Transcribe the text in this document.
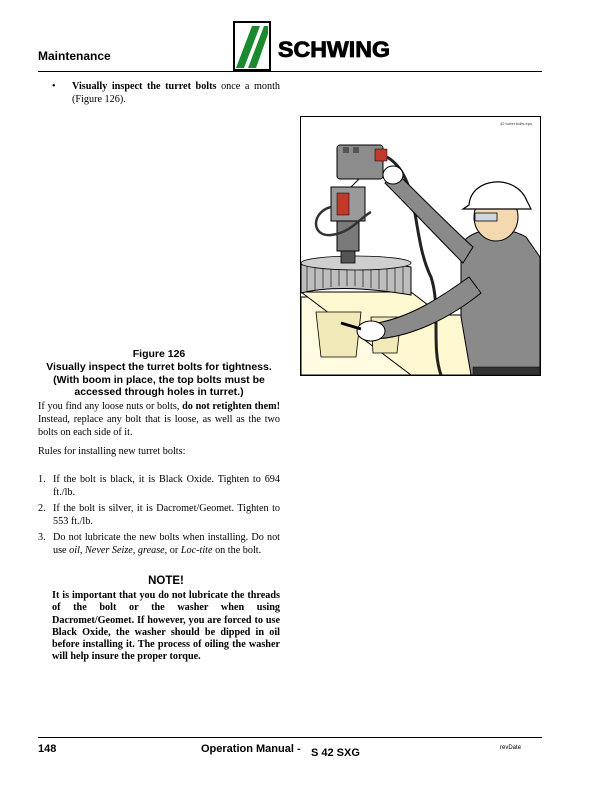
Maintenance	SCHWING
• Visually inspect the turret bolts once a month (Figure 126).
42 turret bolts.eps
Figure 126
Visually inspect the turret bolts for tightness.
(With boom in place, the top bolts must be
accessed through holes in turret.)
If you find any loose nuts or bolts, do not retighten them! Instead, replace any bolt that is loose, as well as the two bolts on each side of it.
Rules for installing new turret bolts:
1. If the bolt is black, it is Black Oxide. Tighten to 694 ft./lb.
2. If the bolt is silver, it is Dacromet/Geomet. Tighten to 553 ft./lb.
3. Do not lubricate the new bolts when installing. Do not use oil, Never Seize, grease, or Loc-tite on the bolt.
NOTE!
It is important that you do not lubricate the threads of the bolt or the washer when using Dacromet/Geomet. If however, you are forced to use Black Oxide, the washer should be dipped in oil before installing it. The process of oiling the washer will help insure the proper torque.
148	Operation Manual - S 42 SXG	revDate
